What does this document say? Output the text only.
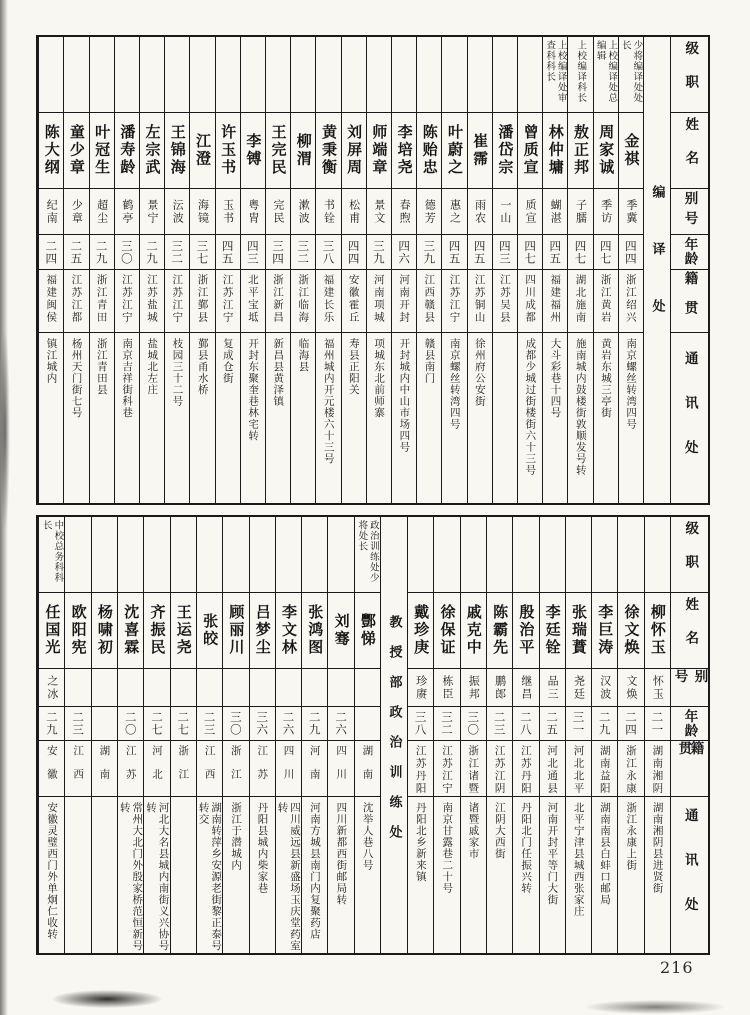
级职
姓名
别号
年龄
籍贯
通讯处
编译处
少将编译处处长
金祺
季冀
四四
浙江绍兴
南京螺丝转湾四号
上校编译处总编辑
周家诚
季访
四七
浙江黄岩
黄岩东城三亭街
上校编译科长
敖正邦
子臑
四七
湖北施南
施南城内鼓楼街敦顺发号转
上校编译处审查科科长
林仲墉
蝴湛
四五
福建福州
大斗彩巷十四号
曾质宣
质宣
四七
四川成都
成都少城过街楼街六十三号
潘岱宗
一山
四三
江苏吴县
崔霈
雨农
四五
江苏铜山
徐州府公安街
叶蔚之
惠之
四五
江苏江宁
南京螺丝转湾四号
陈贻忠
德芳
三九
江西赣县
赣县南门
李培尧
春煦
四六
河南开封
开封城内中山市场四号
师端章
景文
三九
河南项城
项城东北前师寨
刘屏周
松甫
四四
安徽霍丘
寿县正阳关
黄秉衡
书铨
三八
福建长乐
福州城内开元楼六十三号
柳渭
漱波
三二
浙江临海
临海县
王完民
完民
三四
浙江新昌
新昌县黄泽镇
李镈
粤胄
四三
北平宝坻
开封东聚奎巷林宅转
许玉书
玉书
四五
江苏江宁
复成仓街
江澄
海镜
三七
浙江鄞县
鄞县甬水桥
王锦海
沄波
三二
江苏江宁
枝园三十二号
左宗武
景宁
二九
江苏盐城
盐城北左庄
潘寿龄
鹤亭
三〇
江苏江宁
南京吉祥街科巷
叶冠生
超尘
二九
浙江青田
浙江青田县
童少章
少章
二五
江苏江都
杨州天门街七号
陈大纲
纪南
二四
福建闽侯
镇江城内
级职
姓名
别号
年龄
籍贯
通讯处
柳怀玉
怀玉
二一
湖南湘阴
湖南湘阴县进贤街
徐文焕
文焕
二四
浙江永康
浙江永康上街
李巨涛
汉波
二九
湖南益阳
湖南南县白蚌口邮局
张瑞蕡
尧廷
三一
河北北平
北平宁津县城西张家庄
李廷铨
品三
二五
河北通县
河南开封平等门大街
殷治平
继昌
二八
江苏丹阳
丹阳北门任振兴转
陈霸先
鹏郎
二三
江苏江阴
江阴大西街
戚克中
振邦
三〇
浙江诸暨
诸暨戚家市
徐保证
栋臣
三二
江苏江宁
南京甘露巷二十号
戴珍庚
珍赓
三八
江苏丹阳
丹阳北乡新来镇
教授部政治训练处
政治训练处少将处长
酆悌
湖南
沈举人巷八号
刘骞
二六
四川
四川新都西街邮局转
张鸿图
二九
河南
河南方城县南门内复聚药店
李文林
二六
四川
四川威远县新盛场玉庆堂药室转
吕梦尘
三六
江苏
丹阳县城内柴家巷
顾丽川
三〇
浙江
浙江于潜城内
张皎
二三
江西
湖南转萍乡安源老街黎正泰号转交
王运尧
二七
浙江
齐振民
二七
河北
河北大名县城内南街义兴协号转
沈喜霖
二〇
江苏
常州大北门外殷家桥范恒新号转
杨啸初
湖南
欧阳宪
二三
江西
中校总务科科长
任国光
之冰
二九
安徽
安徽灵璧西门外单炯仁收转
216
